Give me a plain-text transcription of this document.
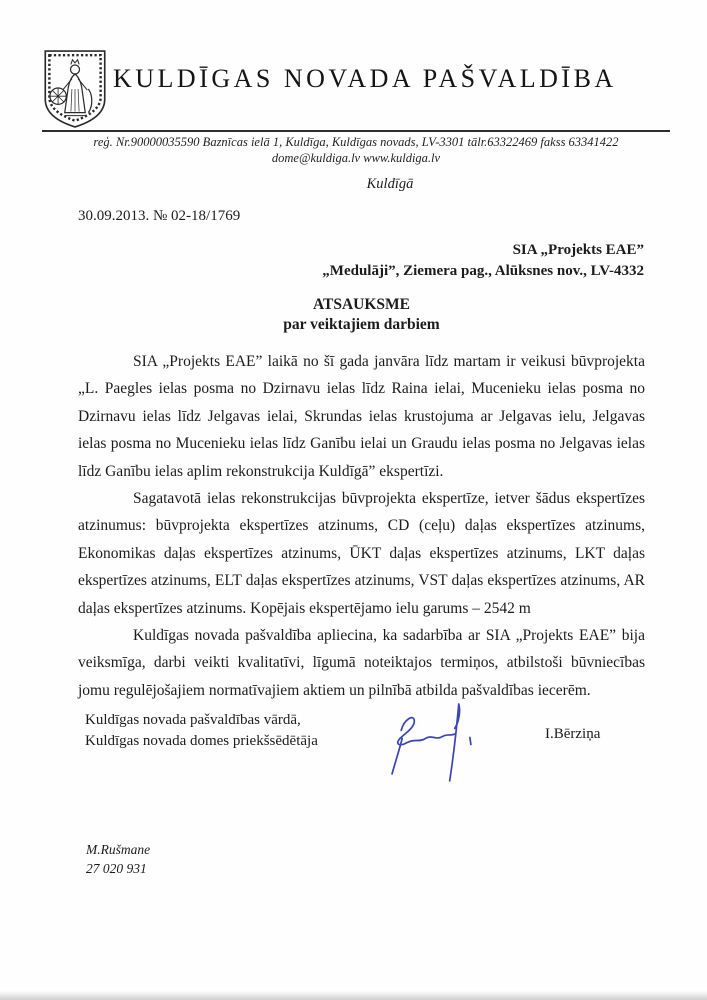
KULDĪGAS NOVADA PAŠVALDĪBA
reģ. Nr.90000035590 Baznīcas ielā 1, Kuldīga, Kuldīgas novads, LV-3301 tālr.63322469 fakss 63341422
dome@kuldiga.lv www.kuldiga.lv
Kuldīgā
30.09.2013. № 02-18/1769
SIA „Projekts EAE”
„Medulāji”, Ziemera pag., Alūksnes nov., LV-4332
ATSAUKSME
par veiktajiem darbiem

SIA „Projekts EAE” laikā no šī gada janvāra līdz martam ir veikusi būvprojekta „L. Paegles ielas posma no Dzirnavu ielas līdz Raina ielai, Mucenieku ielas posma no Dzirnavu ielas līdz Jelgavas ielai, Skrundas ielas krustojuma ar Jelgavas ielu, Jelgavas ielas posma no Mucenieku ielas līdz Ganību ielai un Graudu ielas posma no Jelgavas ielas līdz Ganību ielas aplim rekonstrukcija Kuldīgā” ekspertīzi.

Sagatavotā ielas rekonstrukcijas būvprojekta ekspertīze, ietver šādus ekspertīzes atzinumus: būvprojekta ekspertīzes atzinums, CD (ceļu) daļas ekspertīzes atzinums, Ekonomikas daļas ekspertīzes atzinums, ŪKT daļas ekspertīzes atzinums, LKT daļas ekspertīzes atzinums, ELT daļas ekspertīzes atzinums, VST daļas ekspertīzes atzinums, AR daļas ekspertīzes atzinums. Kopējais ekspertējamo ielu garums – 2542 m

Kuldīgas novada pašvaldība apliecina, ka sadarbība ar SIA „Projekts EAE” bija veiksmīga, darbi veikti kvalitatīvi, līgumā noteiktajos termiņos, atbilstoši būvniecības jomu regulējošajiem normatīvajiem aktiem un pilnībā atbilda pašvaldības iecerēm.

Kuldīgas novada pašvaldības vārdā,
Kuldīgas novada domes priekšsēdētāja	I.Bērziņa
M.Rušmane
27 020 931
